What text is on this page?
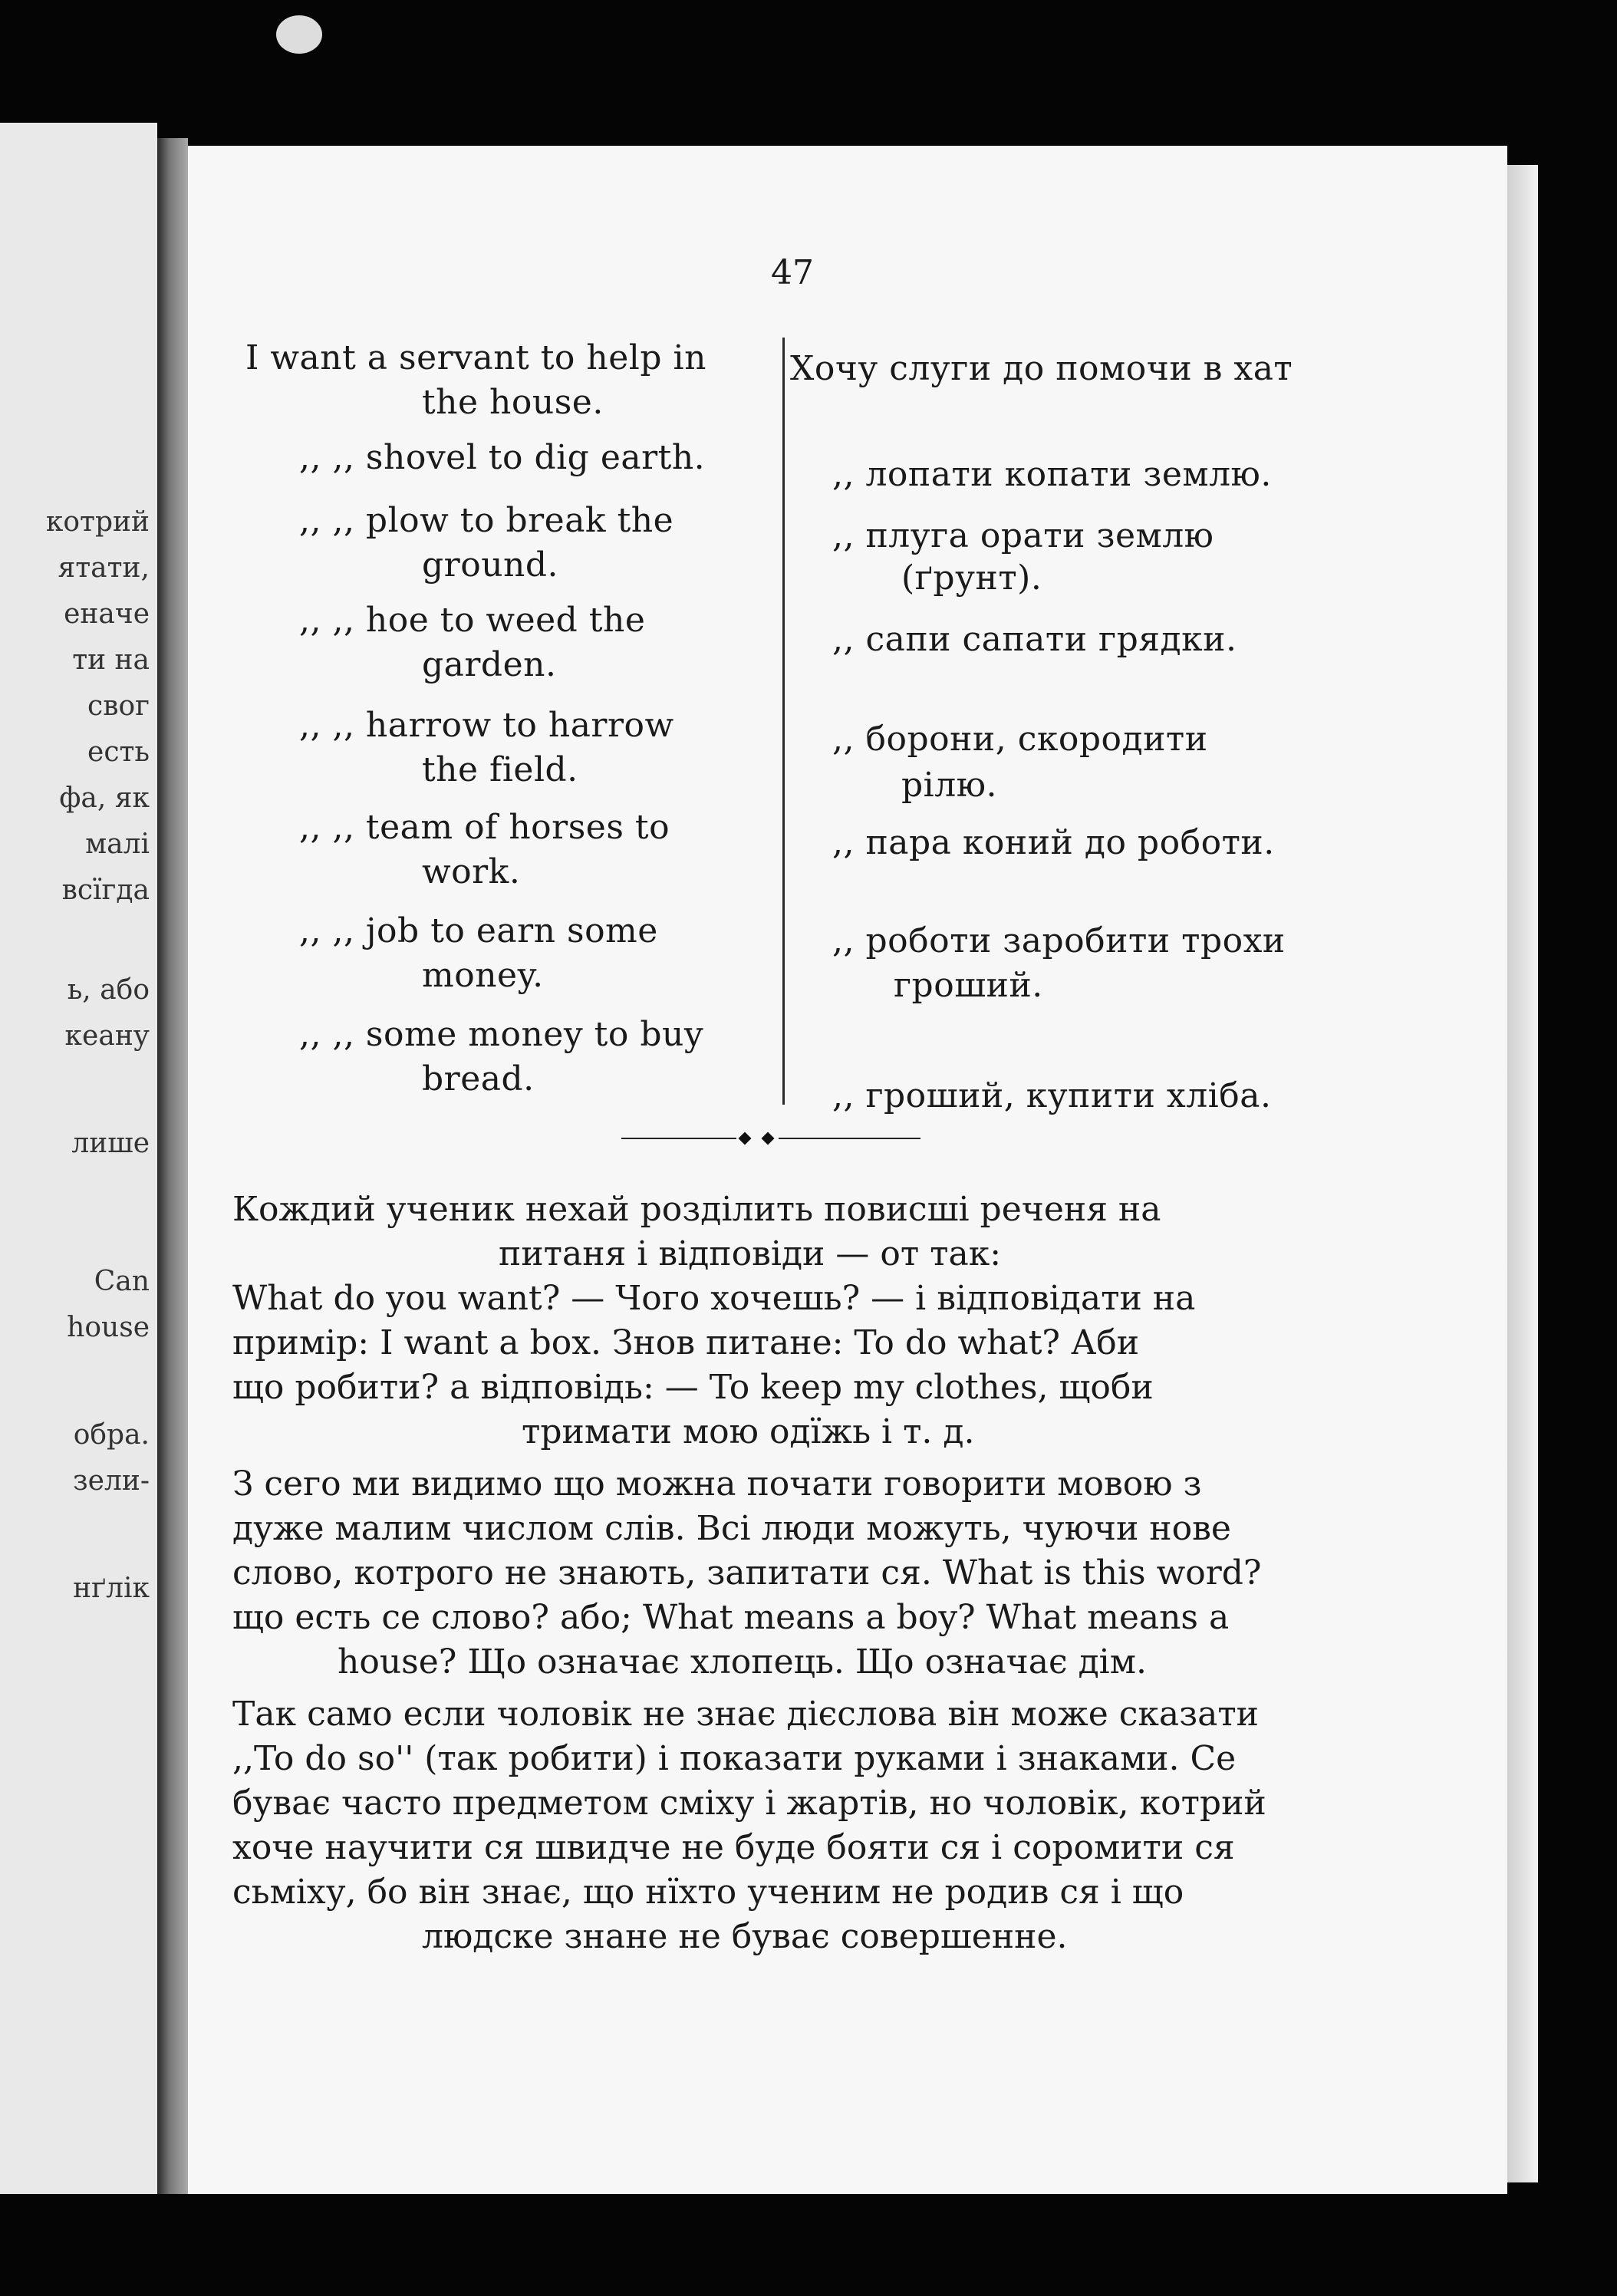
котрий
ятати,
еначе
ти на
свог
есть
фа, як
малі
всїгда
ь, або
кеану
лише
Can
house
обра.
зели-
нґлік
47
I want a servant to help in
the house.
,, ,, shovel to dig earth.
,, ,, plow to break the
ground.
,, ,, hoe to weed the
garden.
,, ,, harrow to harrow
the field.
,, ,, team of horses to
work.
,, ,, job to earn some
money.
,, ,, some money to buy
bread.
Хочу слуги до помочи в хат
,, лопати копати землю.
,, плуга орати землю
(ґрунт).
,, сапи сапати грядки.
,, борони, скородити
рілю.
,, пара коний до роботи.
,, роботи заробити трохи
гроший.
,, гроший, купити хліба.
Кождий ученик нехай розділить повисші реченя на
питаня і відповіди — от так:
What do you want? — Чого хочешь? — і відповідати на
примір: I want a box. Знов питане: To do what? Аби
що робити? а відповідь: — To keep my clothes, щоби
тримати мою одїжь і т. д.
З сего ми видимо що можна почати говорити мовою з
дуже малим числом слів. Всі люди можуть, чуючи нове
слово, котрого не знають, запитати ся. What is this word?
що есть се слово? або; What means a boy? What means a
house? Що означає хлопець. Що означає дім.
Так само если чоловік не знає дієслова він може сказати
,,To do so'' (так робити) і показати руками і знаками. Се
буває часто предметом сміху і жартів, но чоловік, котрий
хоче научити ся швидче не буде бояти ся і соромити ся
сьміху, бо він знає, що нїхто ученим не родив ся і що
людске знане не буває совершенне.
